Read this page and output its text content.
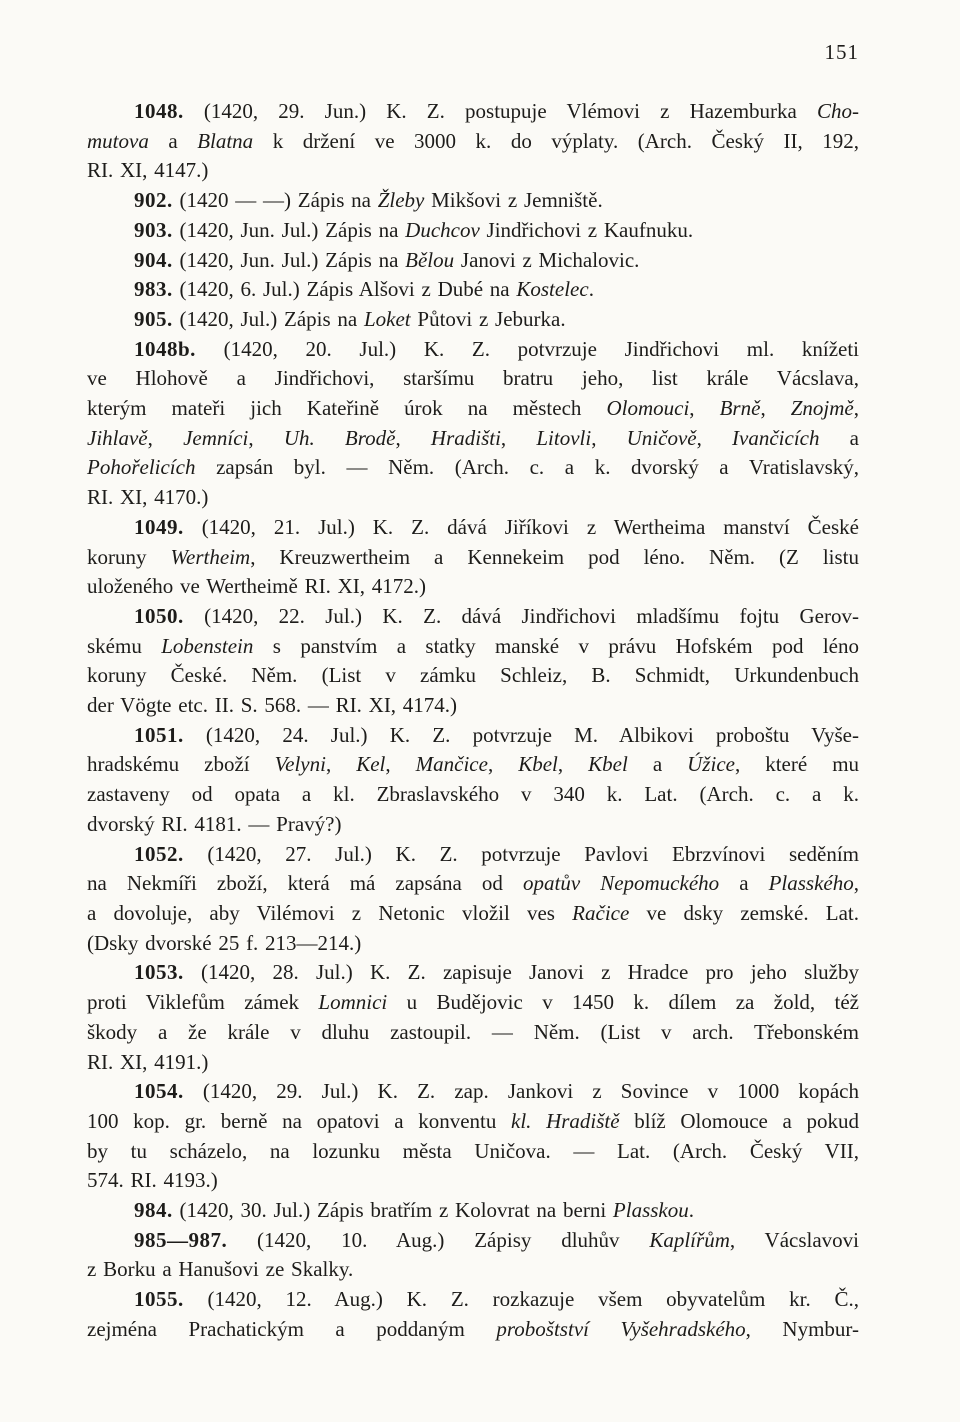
151

1048. (1420, 29. Jun.) K. Z. postupuje Vlémovi z Hazemburka Cho-
mutova a Blatna k držení ve 3000 k. do výplaty. (Arch. Český II, 192,
RI. XI, 4147.)

902. (1420 — —) Zápis na Žleby Mikšovi z Jemniště.

903. (1420, Jun. Jul.) Zápis na Duchcov Jindřichovi z Kaufnuku.

904. (1420, Jun. Jul.) Zápis na Bělou Janovi z Michalovic.

983. (1420, 6. Jul.) Zápis Alšovi z Dubé na Kostelec.

905. (1420, Jul.) Zápis na Loket Půtovi z Jeburka.

1048b. (1420, 20. Jul.) K. Z. potvrzuje Jindřichovi ml. knížeti
ve Hlohově a Jindřichovi, staršímu bratru jeho, list krále Vácslava,
kterým mateři jich Kateřině úrok na městech Olomouci, Brně, Znojmě,
Jihlavě, Jemníci, Uh. Brodě, Hradišti, Litovli, Uničově, Ivančicích a
Pohořelicích zapsán byl. — Něm. (Arch. c. a k. dvorský a Vratislavský,
RI. XI, 4170.)

1049. (1420, 21. Jul.) K. Z. dává Jiříkovi z Wertheima manství České
koruny Wertheim, Kreuzwertheim a Kennekeim pod léno. Něm. (Z listu
uloženého ve Wertheimě RI. XI, 4172.)

1050. (1420, 22. Jul.) K. Z. dává Jindřichovi mladšímu fojtu Gerov-
skému Lobenstein s panstvím a statky manské v právu Hofském pod léno
koruny České. Něm. (List v zámku Schleiz, B. Schmidt, Urkundenbuch
der Vögte etc. II. S. 568. — RI. XI, 4174.)

1051. (1420, 24. Jul.) K. Z. potvrzuje M. Albikovi proboštu Vyše-
hradskému zboží Velyni, Kel, Mančice, Kbel, Kbel a Úžice, které mu
zastaveny od opata a kl. Zbraslavského v 340 k. Lat. (Arch. c. a k.
dvorský RI. 4181. — Pravý?)

1052. (1420, 27. Jul.) K. Z. potvrzuje Pavlovi Ebrzvínovi seděním
na Nekmíři zboží, která má zapsána od opatův Nepomuckého a Plasského,
a dovoluje, aby Vilémovi z Netonic vložil ves Račice ve dsky zemské. Lat.
(Dsky dvorské 25 f. 213—214.)

1053. (1420, 28. Jul.) K. Z. zapisuje Janovi z Hradce pro jeho služby
proti Viklefům zámek Lomnici u Budějovic v 1450 k. dílem za žold, též
škody a že krále v dluhu zastoupil. — Něm. (List v arch. Třebonském
RI. XI, 4191.)

1054. (1420, 29. Jul.) K. Z. zap. Jankovi z Sovince v 1000 kopách
100 kop. gr. berně na opatovi a konventu kl. Hradiště blíž Olomouce a pokud
by tu scházelo, na lozunku města Uničova. — Lat. (Arch. Český VII,
574. RI. 4193.)

984. (1420, 30. Jul.) Zápis bratřím z Kolovrat na berni Plasskou.

985—987. (1420, 10. Aug.) Zápisy dluhův Kaplířům, Vácslavovi
z Borku a Hanušovi ze Skalky.

1055. (1420, 12. Aug.) K. Z. rozkazuje všem obyvatelům kr. Č.,
zejména Prachatickým a poddaným proboštství Vyšehradského, Nymbur-
